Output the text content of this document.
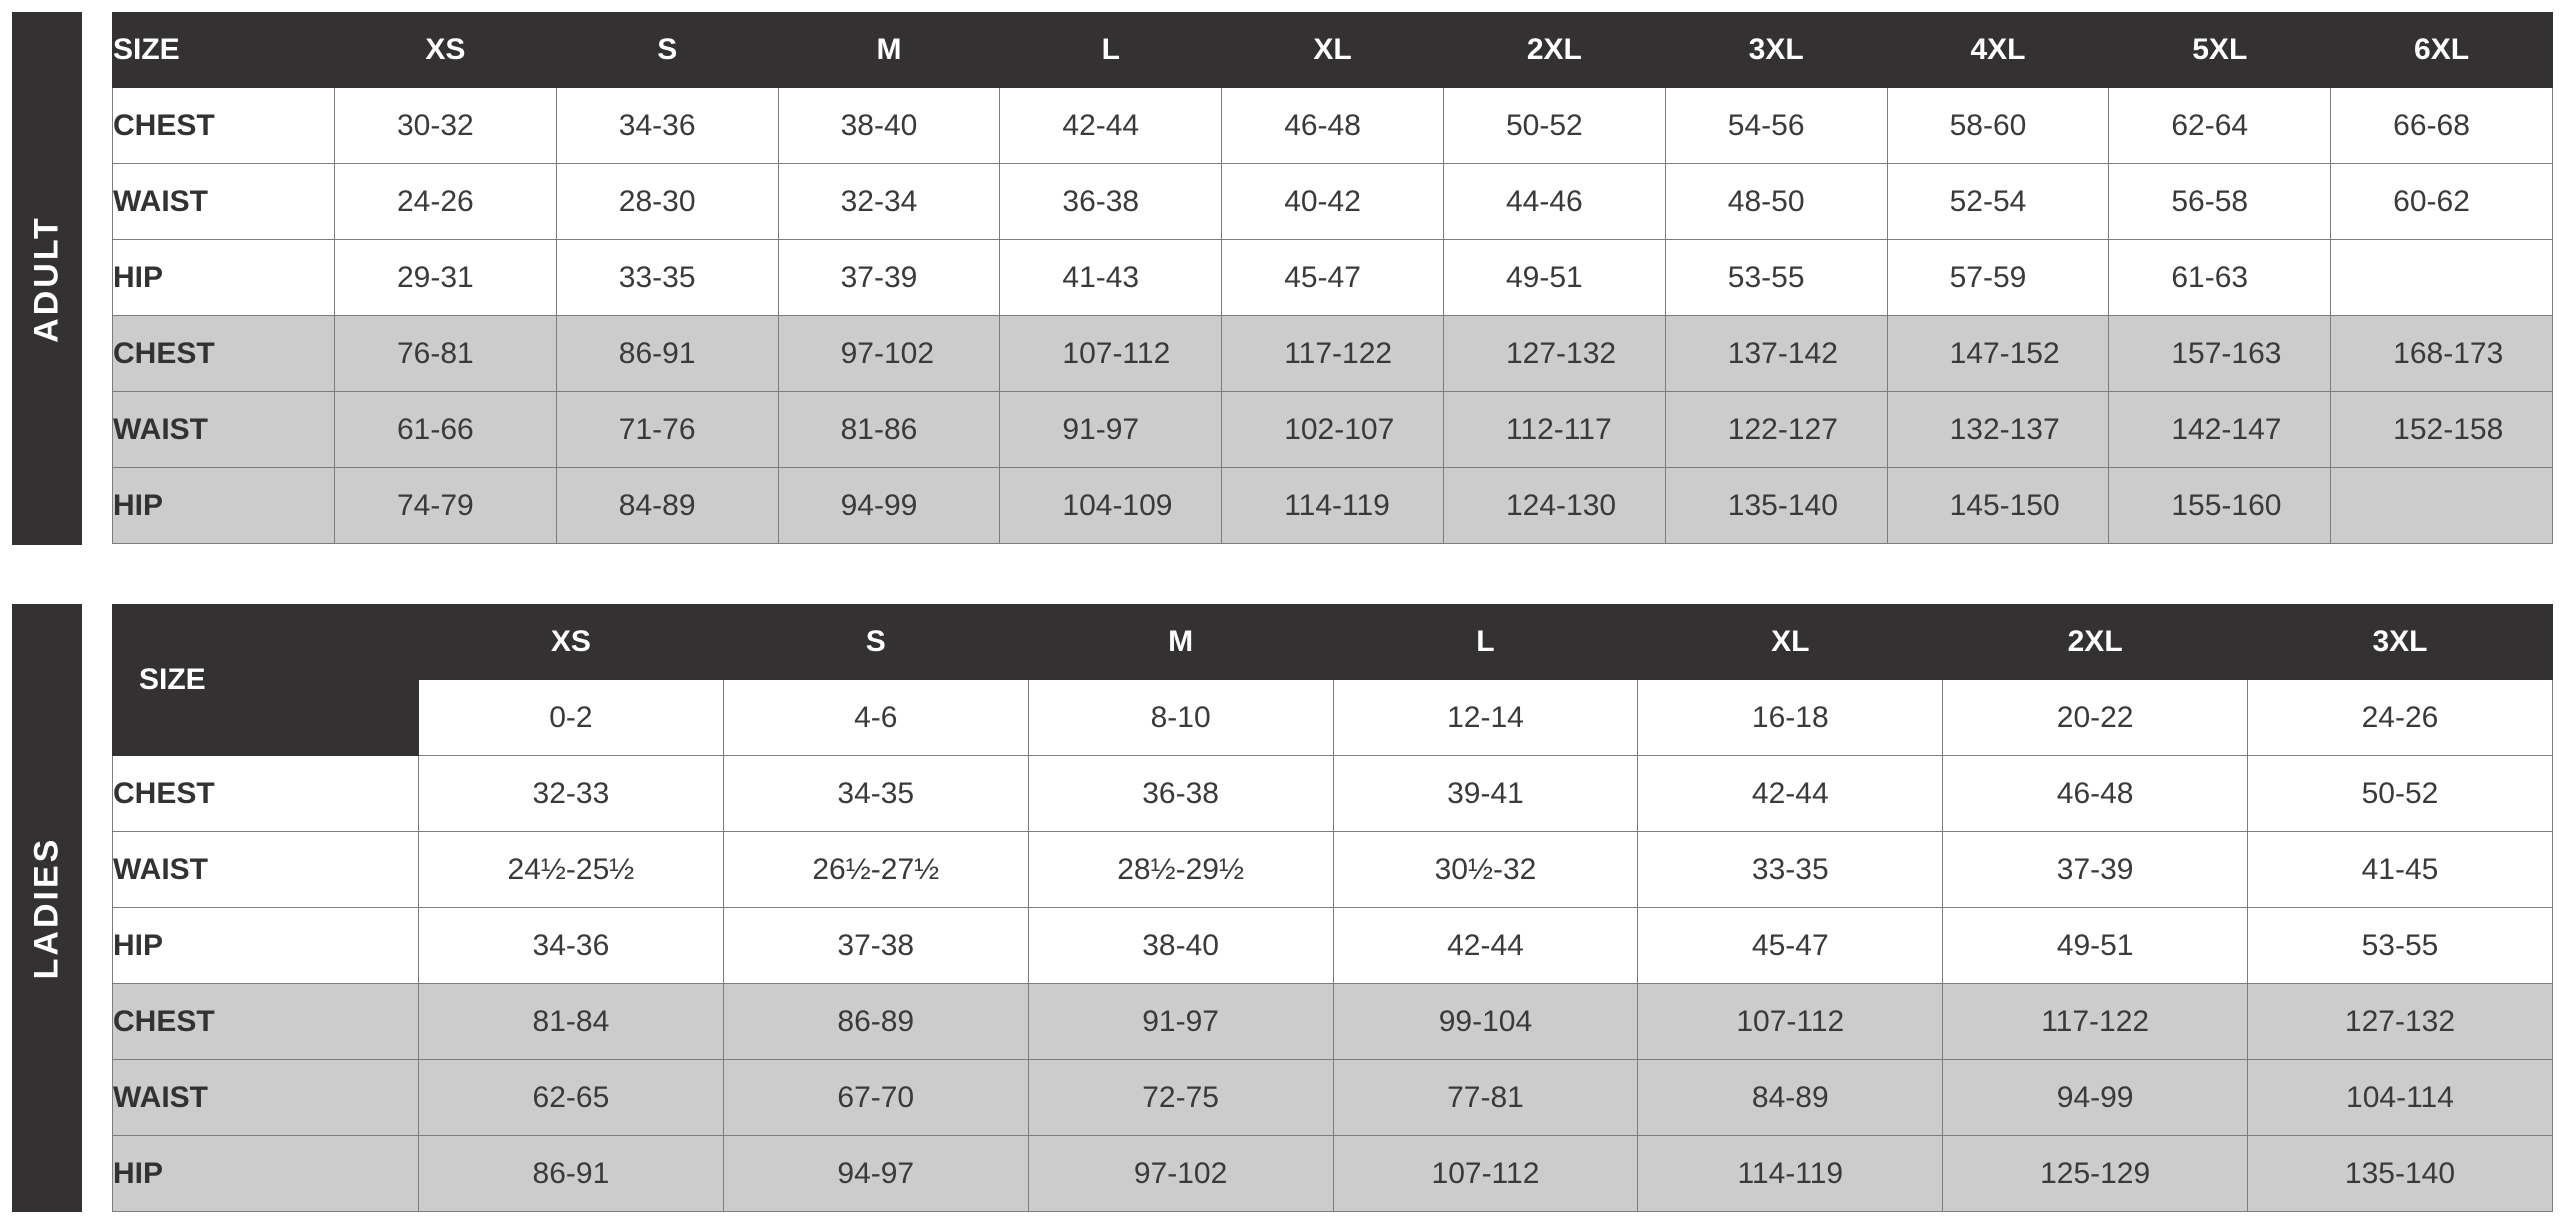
ADULT
SIZE	XS	S	M	L	XL	2XL	3XL	4XL	5XL	6XL
CHEST	30-32	34-36	38-40	42-44	46-48	50-52	54-56	58-60	62-64	66-68
WAIST	24-26	28-30	32-34	36-38	40-42	44-46	48-50	52-54	56-58	60-62
HIP	29-31	33-35	37-39	41-43	45-47	49-51	53-55	57-59	61-63	
CHEST	76-81	86-91	97-102	107-112	117-122	127-132	137-142	147-152	157-163	168-173
WAIST	61-66	71-76	81-86	91-97	102-107	112-117	122-127	132-137	142-147	152-158
HIP	74-79	84-89	94-99	104-109	114-119	124-130	135-140	145-150	155-160	
LADIES
SIZE	XS	S	M	L	XL	2XL	3XL
	0-2	4-6	8-10	12-14	16-18	20-22	24-26
CHEST	32-33	34-35	36-38	39-41	42-44	46-48	50-52
WAIST	24½-25½	26½-27½	28½-29½	30½-32	33-35	37-39	41-45
HIP	34-36	37-38	38-40	42-44	45-47	49-51	53-55
CHEST	81-84	86-89	91-97	99-104	107-112	117-122	127-132
WAIST	62-65	67-70	72-75	77-81	84-89	94-99	104-114
HIP	86-91	94-97	97-102	107-112	114-119	125-129	135-140
